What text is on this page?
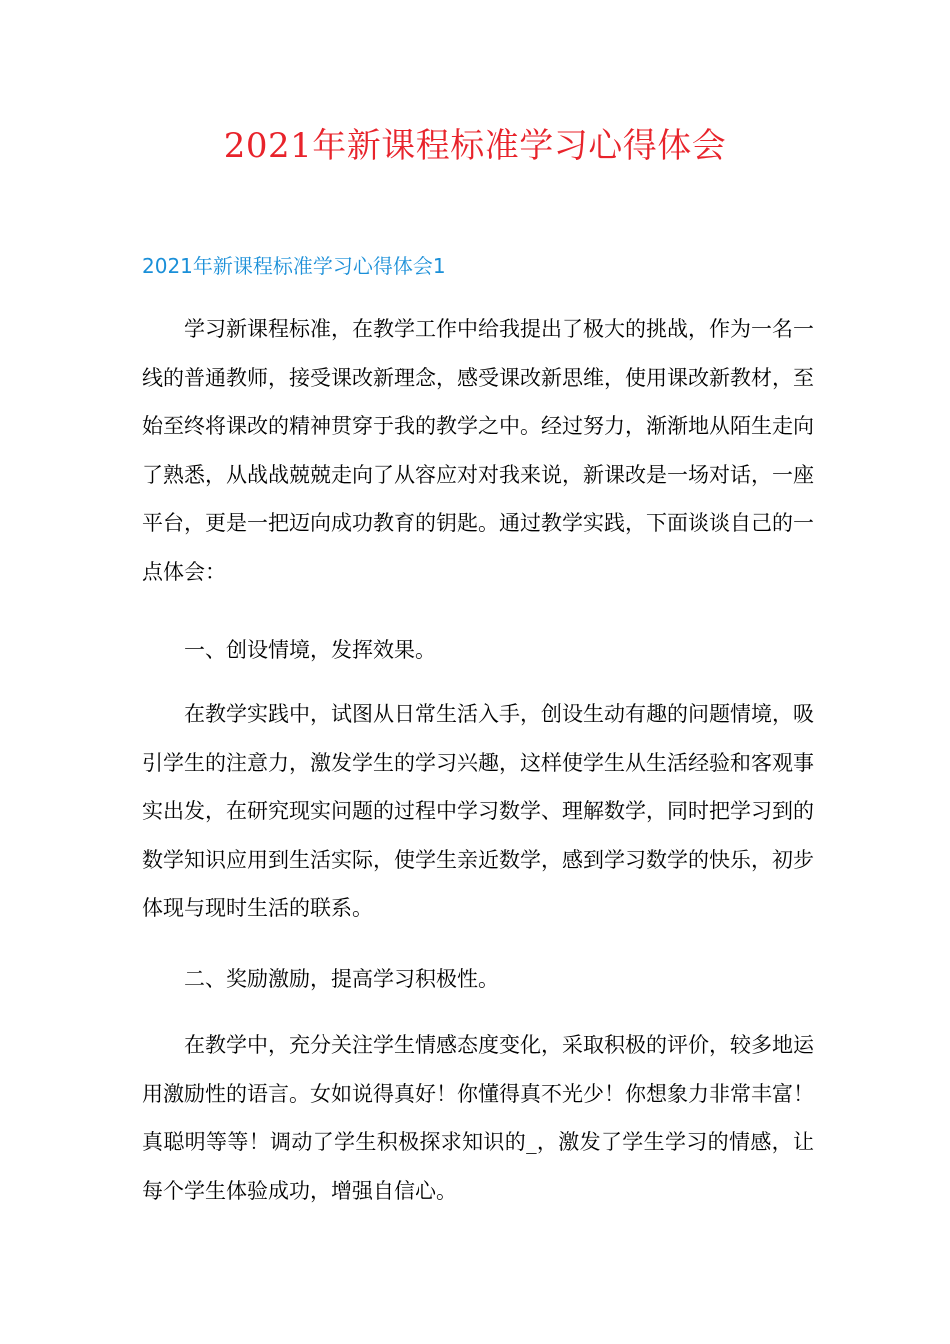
2021年新课程标准学习心得体会
2021年新课程标准学习心得体会1

学习新课程标准，在教学工作中给我提出了极大的挑战，作为一名一线的普通教师，接受课改新理念，感受课改新思维，使用课改新教材，至始至终将课改的精神贯穿于我的教学之中。经过努力，渐渐地从陌生走向了熟悉，从战战兢兢走向了从容应对对我来说，新课改是一场对话，一座平台，更是一把迈向成功教育的钥匙。通过教学实践，下面谈谈自己的一点体会：

一、创设情境，发挥效果。

在教学实践中，试图从日常生活入手，创设生动有趣的问题情境，吸引学生的注意力，激发学生的学习兴趣，这样使学生从生活经验和客观事实出发，在研究现实问题的过程中学习数学、理解数学，同时把学习到的数学知识应用到生活实际，使学生亲近数学，感到学习数学的快乐，初步体现与现时生活的联系。

二、奖励激励，提高学习积极性。

在教学中，充分关注学生情感态度变化，采取积极的评价，较多地运用激励性的语言。女如说得真好！你懂得真不光少！你想象力非常丰富！真聪明等等！调动了学生积极探求知识的_，激发了学生学习的情感，让每个学生体验成功，增强自信心。
